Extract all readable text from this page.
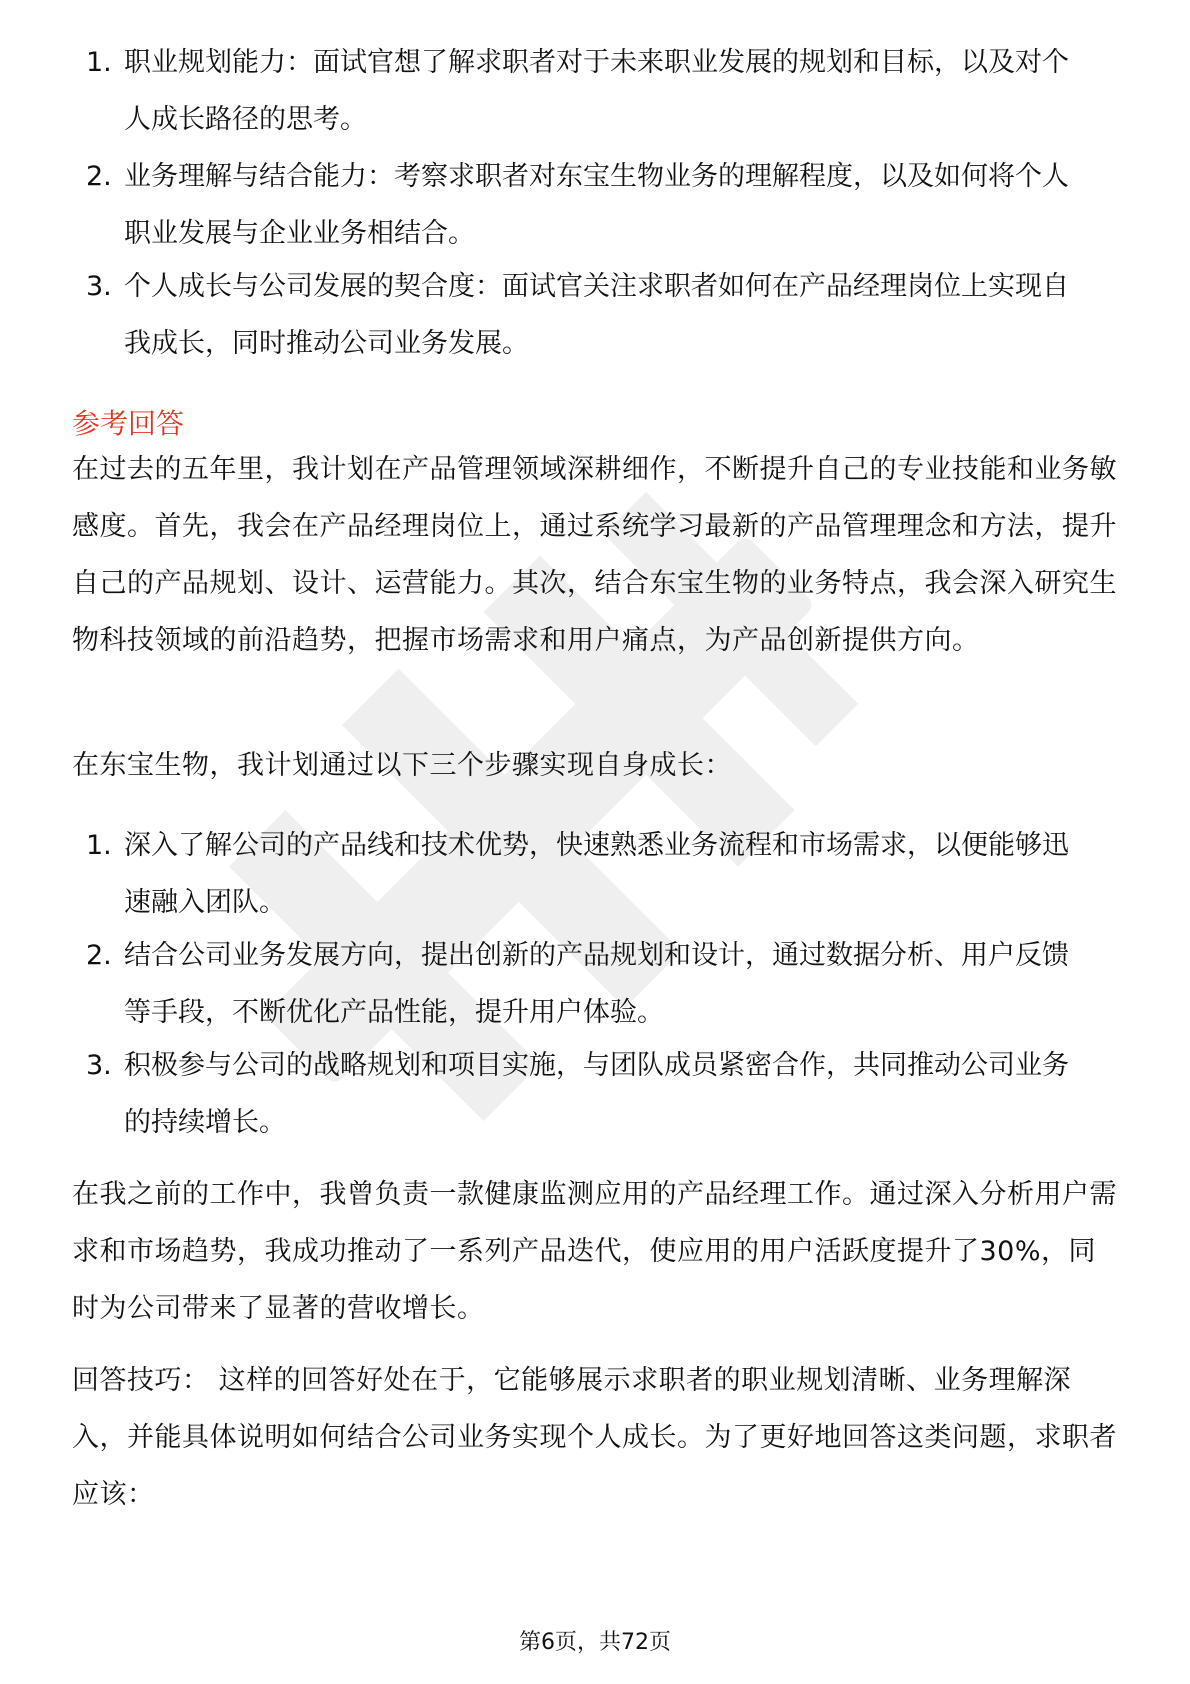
1. 职业规划能力：面试官想了解求职者对于未来职业发展的规划和目标，以及对个人成长路径的思考。
2. 业务理解与结合能力：考察求职者对东宝生物业务的理解程度，以及如何将个人职业发展与企业业务相结合。
3. 个人成长与公司发展的契合度：面试官关注求职者如何在产品经理岗位上实现自我成长，同时推动公司业务发展。
参考回答

在过去的五年里，我计划在产品管理领域深耕细作，不断提升自己的专业技能和业务敏感度。首先，我会在产品经理岗位上，通过系统学习最新的产品管理理念和方法，提升自己的产品规划、设计、运营能力。其次，结合东宝生物的业务特点，我会深入研究生物科技领域的前沿趋势，把握市场需求和用户痛点，为产品创新提供方向。

在东宝生物，我计划通过以下三个步骤实现自身成长：

1. 深入了解公司的产品线和技术优势，快速熟悉业务流程和市场需求，以便能够迅速融入团队。
2. 结合公司业务发展方向，提出创新的产品规划和设计，通过数据分析、用户反馈等手段，不断优化产品性能，提升用户体验。
3. 积极参与公司的战略规划和项目实施，与团队成员紧密合作，共同推动公司业务的持续增长。

在我之前的工作中，我曾负责一款健康监测应用的产品经理工作。通过深入分析用户需求和市场趋势，我成功推动了一系列产品迭代，使应用的用户活跃度提升了30%，同时为公司带来了显著的营收增长。

回答技巧： 这样的回答好处在于，它能够展示求职者的职业规划清晰、业务理解深入，并能具体说明如何结合公司业务实现个人成长。为了更好地回答这类问题，求职者应该：

第6页，共72页
